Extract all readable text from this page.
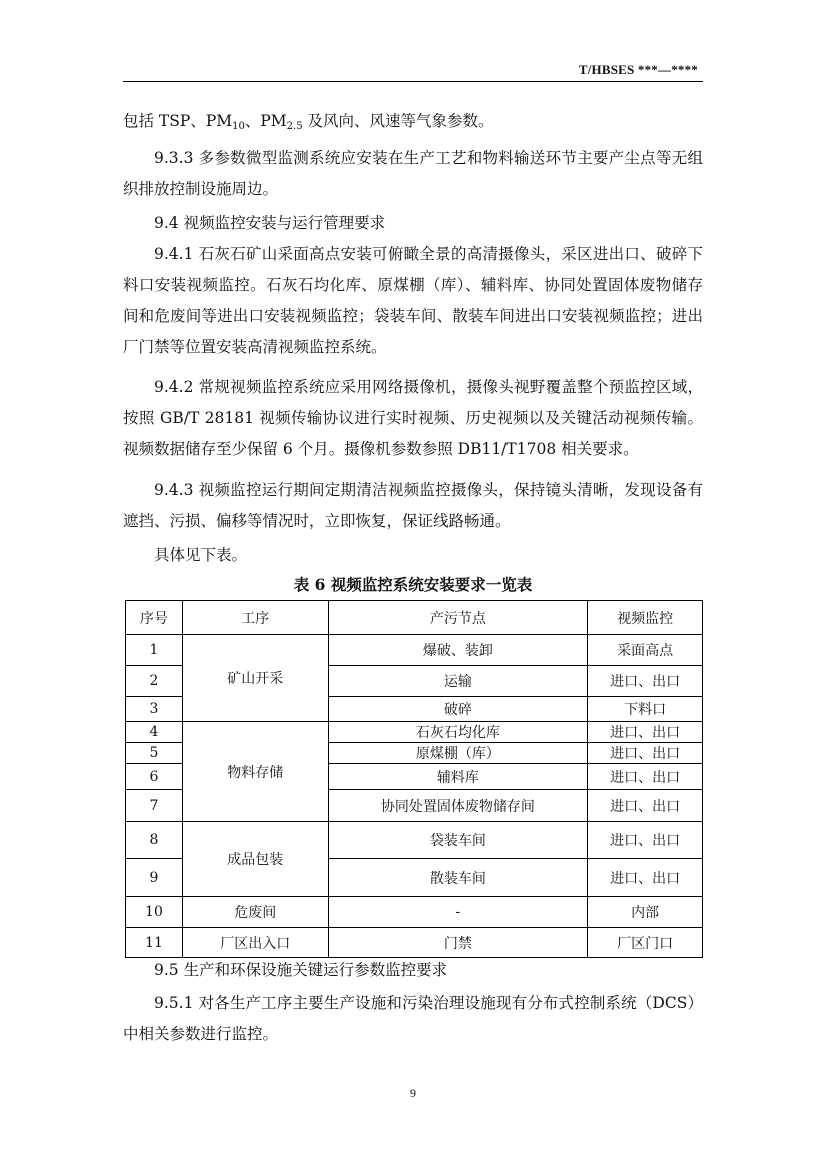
T/HBSES ***—****
包括 TSP、$PM_{10}$、$PM_{2.5}$ 及风向、风速等气象参数。
9.3.3 多参数微型监测系统应安装在生产工艺和物料输送环节主要产尘点等无组织排放控制设施周边。
9.4 视频监控安装与运行管理要求
9.4.1 石灰石矿山采面高点安装可俯瞰全景的高清摄像头，采区进出口、破碎下料口安装视频监控。石灰石均化库、原煤棚（库）、辅料库、协同处置固体废物储存间和危废间等进出口安装视频监控；袋装车间、散装车间进出口安装视频监控；进出厂门禁等位置安装高清视频监控系统。
9.4.2 常规视频监控系统应采用网络摄像机，摄像头视野覆盖整个预监控区域，按照 GB/T 28181 视频传输协议进行实时视频、历史视频以及关键活动视频传输。视频数据储存至少保留 6 个月。摄像机参数参照 DB11/T1708 相关要求。
9.4.3 视频监控运行期间定期清洁视频监控摄像头，保持镜头清晰，发现设备有遮挡、污损、偏移等情况时，立即恢复，保证线路畅通。
具体见下表。
表 6 视频监控系统安装要求一览表
序号	工序	产污节点	视频监控
1	矿山开采	爆破、装卸	采面高点
2		运输	进口、出口
3		破碎	下料口
4	物料存储	石灰石均化库	进口、出口
5		原煤棚（库）	进口、出口
6		辅料库	进口、出口
7		协同处置固体废物储存间	进口、出口
8	成品包装	袋装车间	进口、出口
9		散装车间	进口、出口
10	危废间	-	内部
11	厂区出入口	门禁	厂区门口
9.5 生产和环保设施关键运行参数监控要求
9.5.1 对各生产工序主要生产设施和污染治理设施现有分布式控制系统（DCS）中相关参数进行监控。
9
